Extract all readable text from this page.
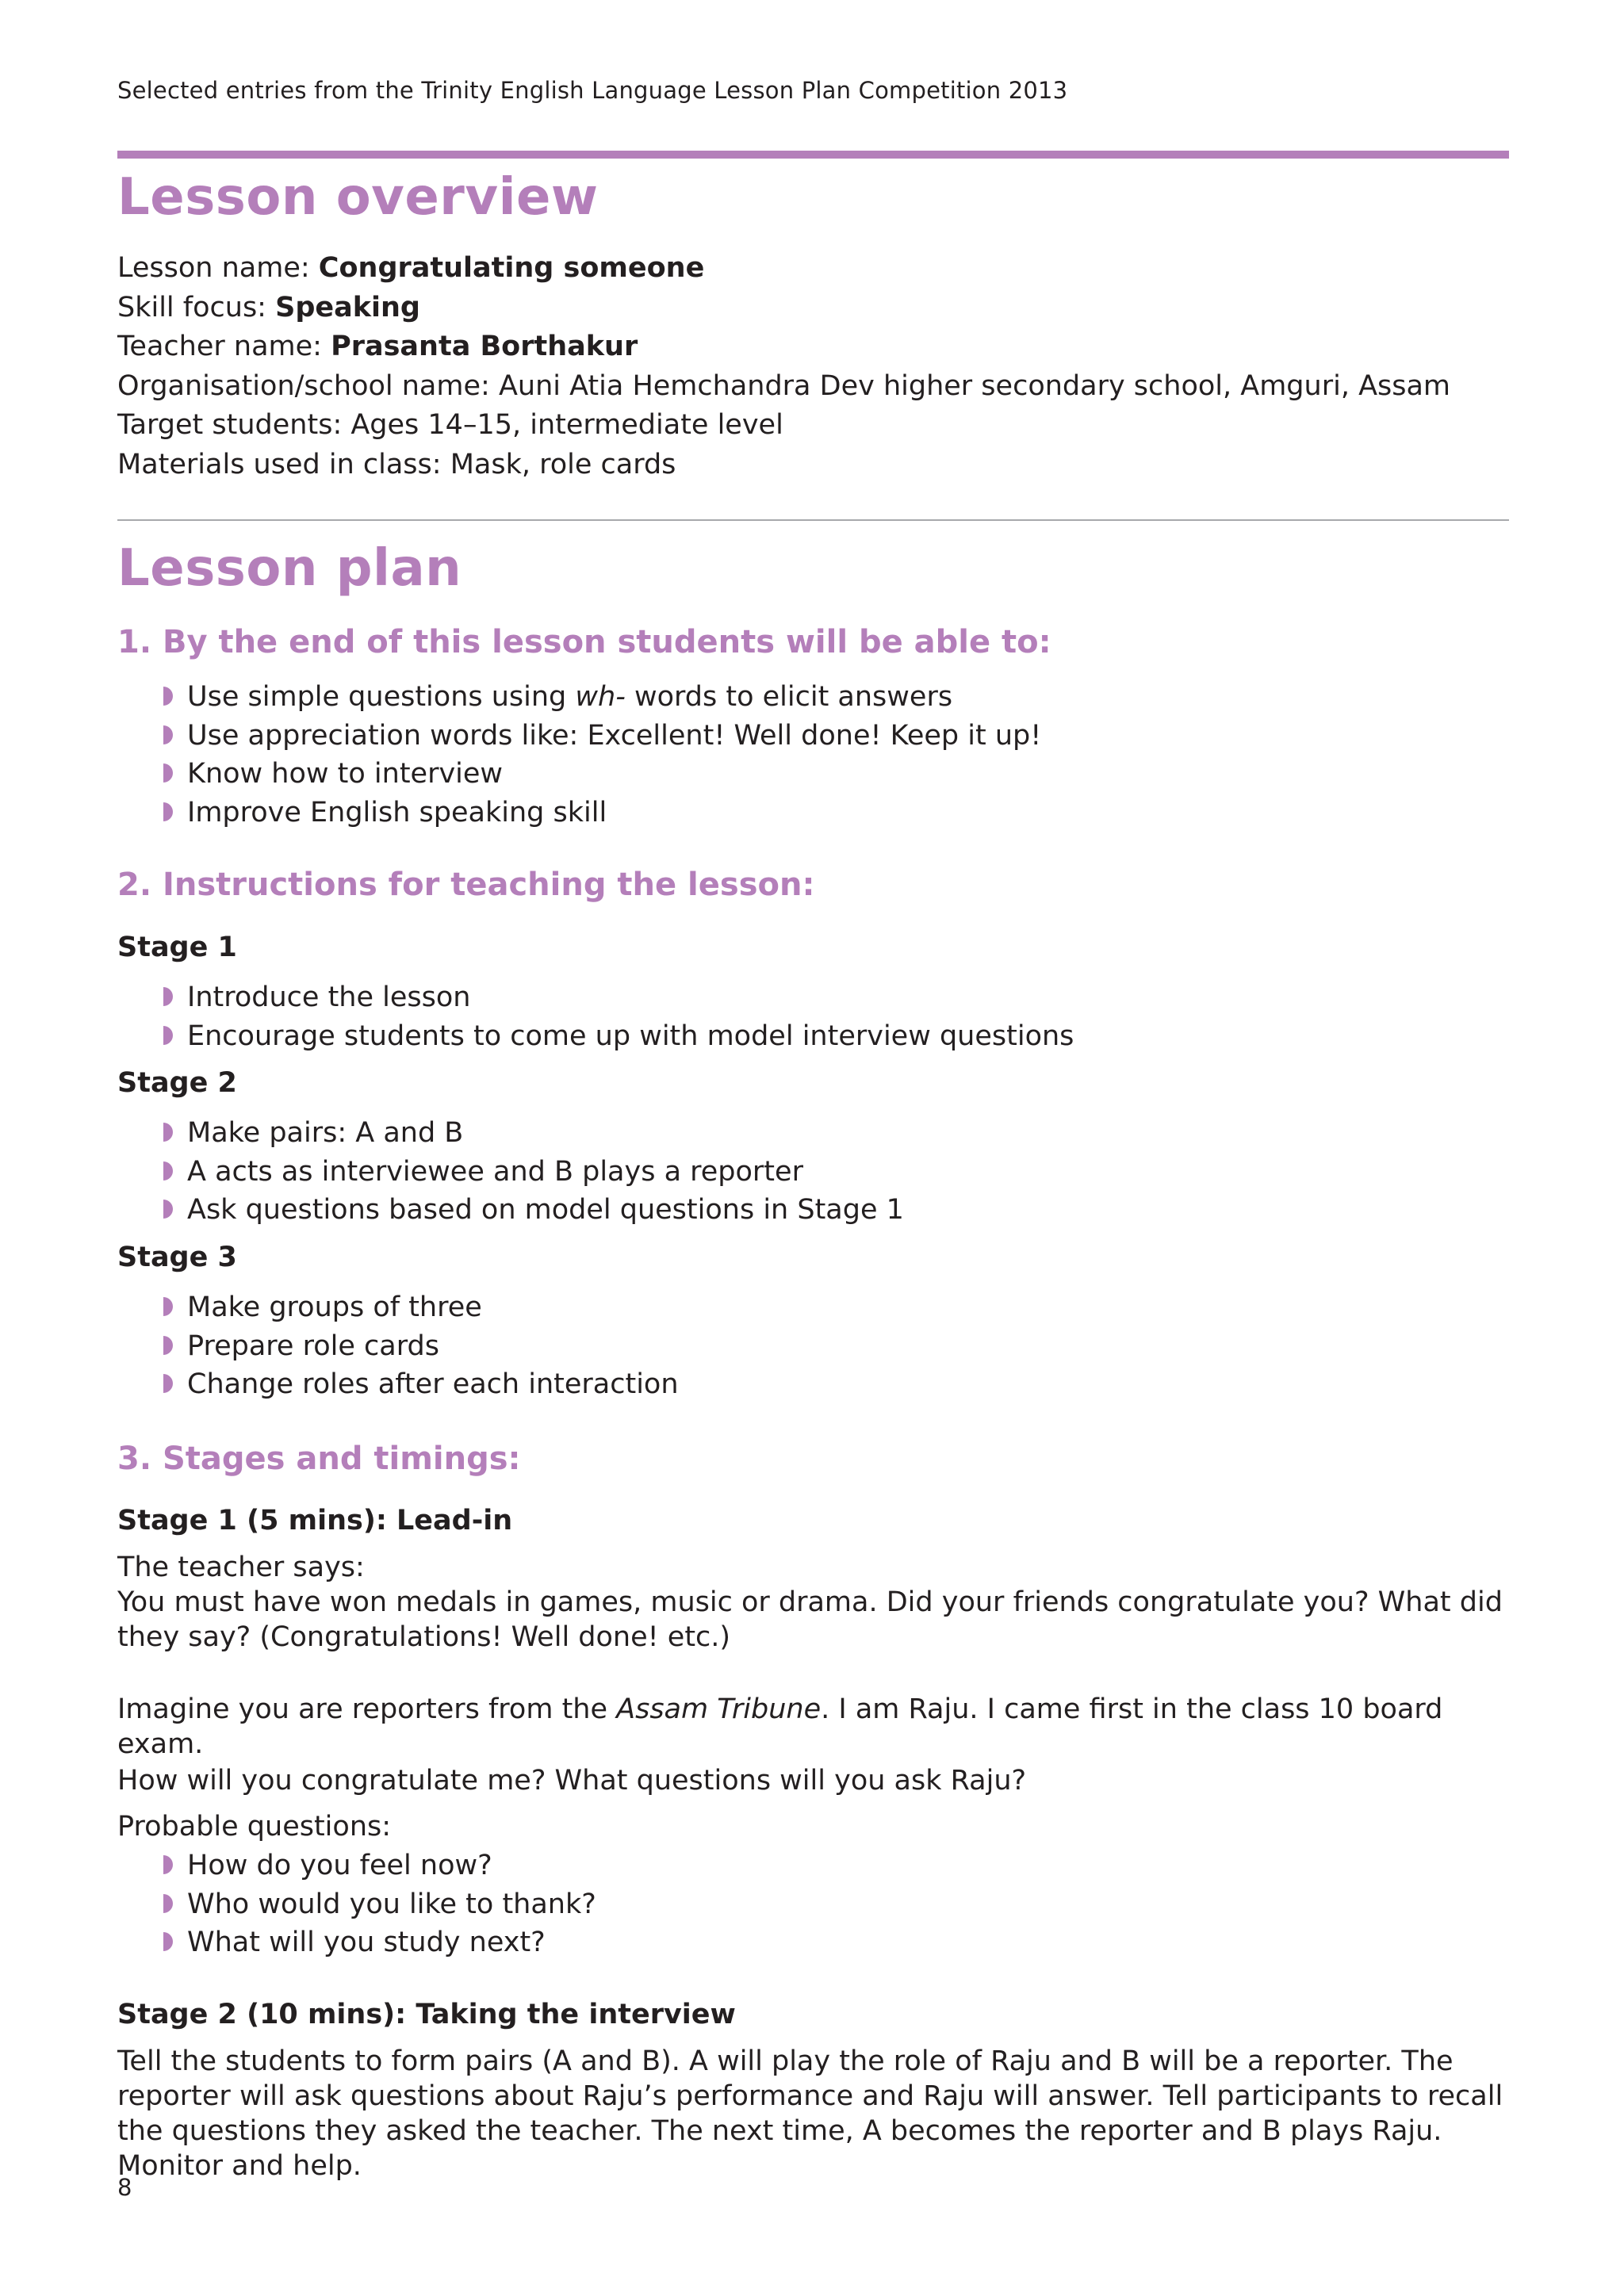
Selected entries from the Trinity English Language Lesson Plan Competition 2013
Lesson overview
Lesson name: Congratulating someone
Skill focus: Speaking
Teacher name: Prasanta Borthakur
Organisation/school name: Auni Atia Hemchandra Dev higher secondary school, Amguri, Assam
Target students: Ages 14–15, intermediate level
Materials used in class: Mask, role cards
Lesson plan
1. By the end of this lesson students will be able to:
Use simple questions using wh- words to elicit answers
Use appreciation words like: Excellent! Well done! Keep it up!
Know how to interview
Improve English speaking skill
2. Instructions for teaching the lesson:
Stage 1
Introduce the lesson
Encourage students to come up with model interview questions
Stage 2
Make pairs: A and B
A acts as interviewee and B plays a reporter
Ask questions based on model questions in Stage 1
Stage 3
Make groups of three
Prepare role cards
Change roles after each interaction
3. Stages and timings:
Stage 1 (5 mins): Lead-in

The teacher says:

You must have won medals in games, music or drama. Did your friends congratulate you? What did they say? (Congratulations! Well done! etc.)

Imagine you are reporters from the Assam Tribune. I am Raju. I came first in the class 10 board exam.

How will you congratulate me? What questions will you ask Raju?

Probable questions:

How do you feel now?
Who would you like to thank?
What will you study next?
Stage 2 (10 mins): Taking the interview

Tell the students to form pairs (A and B). A will play the role of Raju and B will be a reporter. The reporter will ask questions about Raju’s performance and Raju will answer. Tell participants to recall the questions they asked the teacher. The next time, A becomes the reporter and B plays Raju. Monitor and help.

8
